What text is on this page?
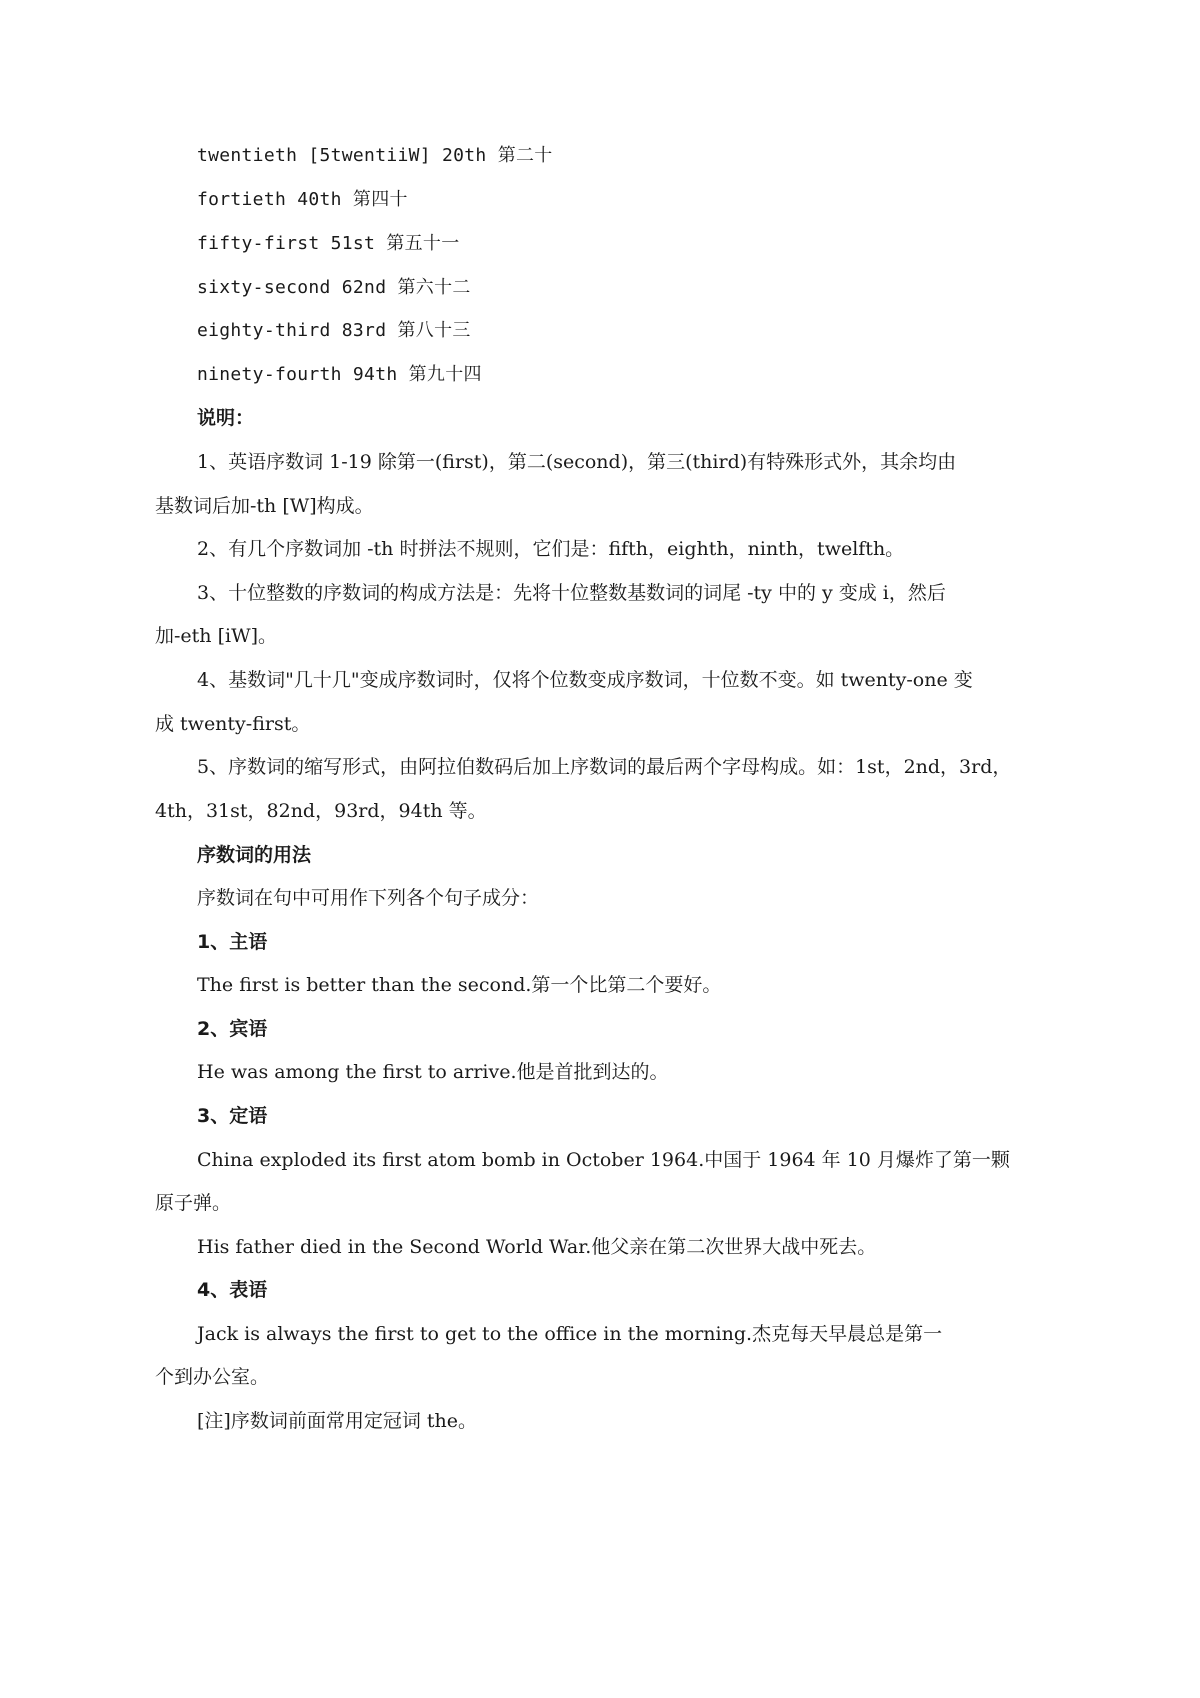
twentieth [5twentiiW] 20th 第二十
fortieth 40th 第四十
fifty-first 51st 第五十一
sixty-second 62nd 第六十二
eighty-third 83rd 第八十三
ninety-fourth 94th 第九十四
说明：
1、英语序数词 1-19 除第一(first)，第二(second)，第三(third)有特殊形式外，其余均由
基数词后加-th [W]构成。
2、有几个序数词加 -th 时拼法不规则，它们是：fifth，eighth，ninth，twelfth。
3、十位整数的序数词的构成方法是：先将十位整数基数词的词尾 -ty 中的 y 变成 i，然后
加-eth [iW]。
4、基数词"几十几"变成序数词时，仅将个位数变成序数词，十位数不变。如 twenty-one 变
成 twenty-first。
5、序数词的缩写形式，由阿拉伯数码后加上序数词的最后两个字母构成。如：1st，2nd，3rd，
4th，31st，82nd，93rd，94th 等。
序数词的用法
序数词在句中可用作下列各个句子成分：
1、主语
The first is better than the second.第一个比第二个要好。
2、宾语
He was among the first to arrive.他是首批到达的。
3、定语
China exploded its first atom bomb in October 1964.中国于 1964 年 10 月爆炸了第一颗
原子弹。
His father died in the Second World War.他父亲在第二次世界大战中死去。
4、表语
Jack is always the first to get to the office in the morning.杰克每天早晨总是第一
个到办公室。
[注]序数词前面常用定冠词 the。
